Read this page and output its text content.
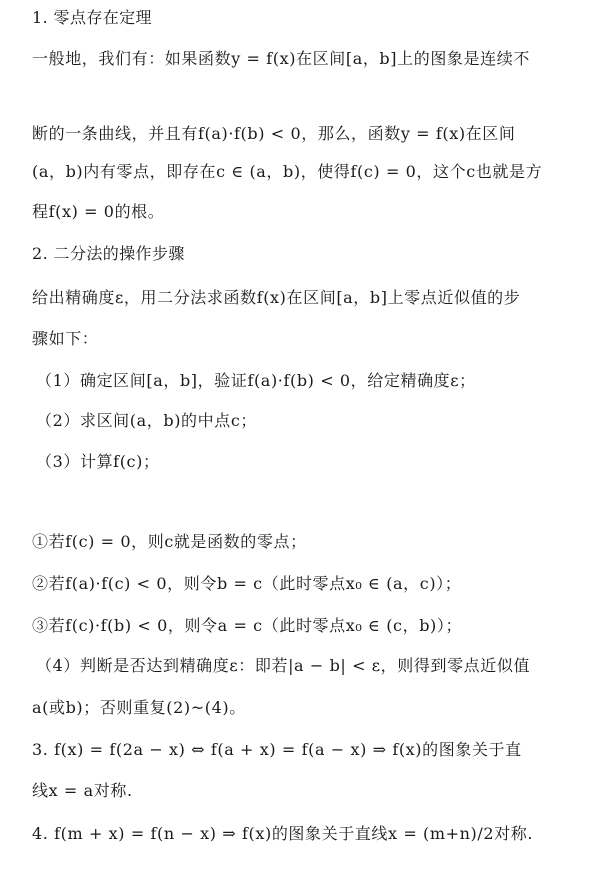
1. 零点存在定理
一般地，我们有：如果函数y = f(x)在区间[a，b]上的图象是连续不
断的一条曲线，并且有f(a)·f(b) < 0，那么，函数y = f(x)在区间
(a，b)内有零点，即存在c ∈ (a，b)，使得f(c) = 0，这个c也就是方
程f(x) = 0的根。
2. 二分法的操作步骤
给出精确度ε，用二分法求函数f(x)在区间[a，b]上零点近似值的步
骤如下：
（1）确定区间[a，b]，验证f(a)·f(b) < 0，给定精确度ε；
（2）求区间(a，b)的中点c；
（3）计算f(c)；
①若f(c) = 0，则c就是函数的零点；
②若f(a)·f(c) < 0，则令b = c（此时零点x₀ ∈ (a，c)）；
③若f(c)·f(b) < 0，则令a = c（此时零点x₀ ∈ (c，b)）；
（4）判断是否达到精确度ε：即若|a − b| < ε，则得到零点近似值
a(或b)；否则重复(2)~(4)。
3. f(x) = f(2a − x) ⇔ f(a + x) = f(a − x) ⇒ f(x)的图象关于直
线x = a对称.
4. f(m + x) = f(n − x) ⇒ f(x)的图象关于直线x = (m+n)/2对称.
